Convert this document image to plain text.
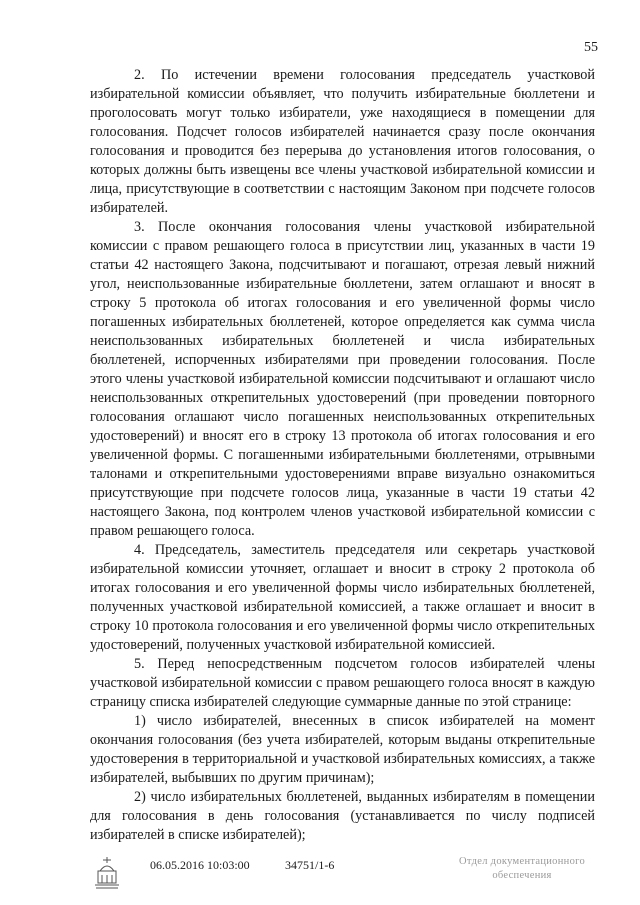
55

2. По истечении времени голосования председатель участковой избирательной комиссии объявляет, что получить избирательные бюллетени и проголосовать могут только избиратели, уже находящиеся в помещении для голосования. Подсчет голосов избирателей начинается сразу после окончания голосования и проводится без перерыва до установления итогов голосования, о которых должны быть извещены все члены участковой избирательной комиссии и лица, присутствующие в соответствии с настоящим Законом при подсчете голосов избирателей.

3. После окончания голосования члены участковой избирательной комиссии с правом решающего голоса в присутствии лиц, указанных в части 19 статьи 42 настоящего Закона, подсчитывают и погашают, отрезая левый нижний угол, неиспользованные избирательные бюллетени, затем оглашают и вносят в строку 5 протокола об итогах голосования и его увеличенной формы число погашенных избирательных бюллетеней, которое определяется как сумма числа неиспользованных избирательных бюллетеней и числа избирательных бюллетеней, испорченных избирателями при проведении голосования. После этого члены участковой избирательной комиссии подсчитывают и оглашают число неиспользованных открепительных удостоверений (при проведении повторного голосования оглашают число погашенных неиспользованных открепительных удостоверений) и вносят его в строку 13 протокола об итогах голосования и его увеличенной формы. С погашенными избирательными бюллетенями, отрывными талонами и открепительными удостоверениями вправе визуально ознакомиться присутствующие при подсчете голосов лица, указанные в части 19 статьи 42 настоящего Закона, под контролем членов участковой избирательной комиссии с правом решающего голоса.

4. Председатель, заместитель председателя или секретарь участковой избирательной комиссии уточняет, оглашает и вносит в строку 2 протокола об итогах голосования и его увеличенной формы число избирательных бюллетеней, полученных участковой избирательной комиссией, а также оглашает и вносит в строку 10 протокола голосования и его увеличенной формы число открепительных удостоверений, полученных участковой избирательной комиссией.

5. Перед непосредственным подсчетом голосов избирателей члены участковой избирательной комиссии с правом решающего голоса вносят в каждую страницу списка избирателей следующие суммарные данные по этой странице:

1) число избирателей, внесенных в список избирателей на момент окончания голосования (без учета избирателей, которым выданы открепительные удостоверения в территориальной и участковой избирательных комиссиях, а также избирателей, выбывших по другим причинам);

2) число избирательных бюллетеней, выданных избирателям в помещении для голосования в день голосования (устанавливается по числу подписей избирателей в списке избирателей);

06.05.2016 10:03:00	34751/1-6	Отдел документационного
обеспечения
